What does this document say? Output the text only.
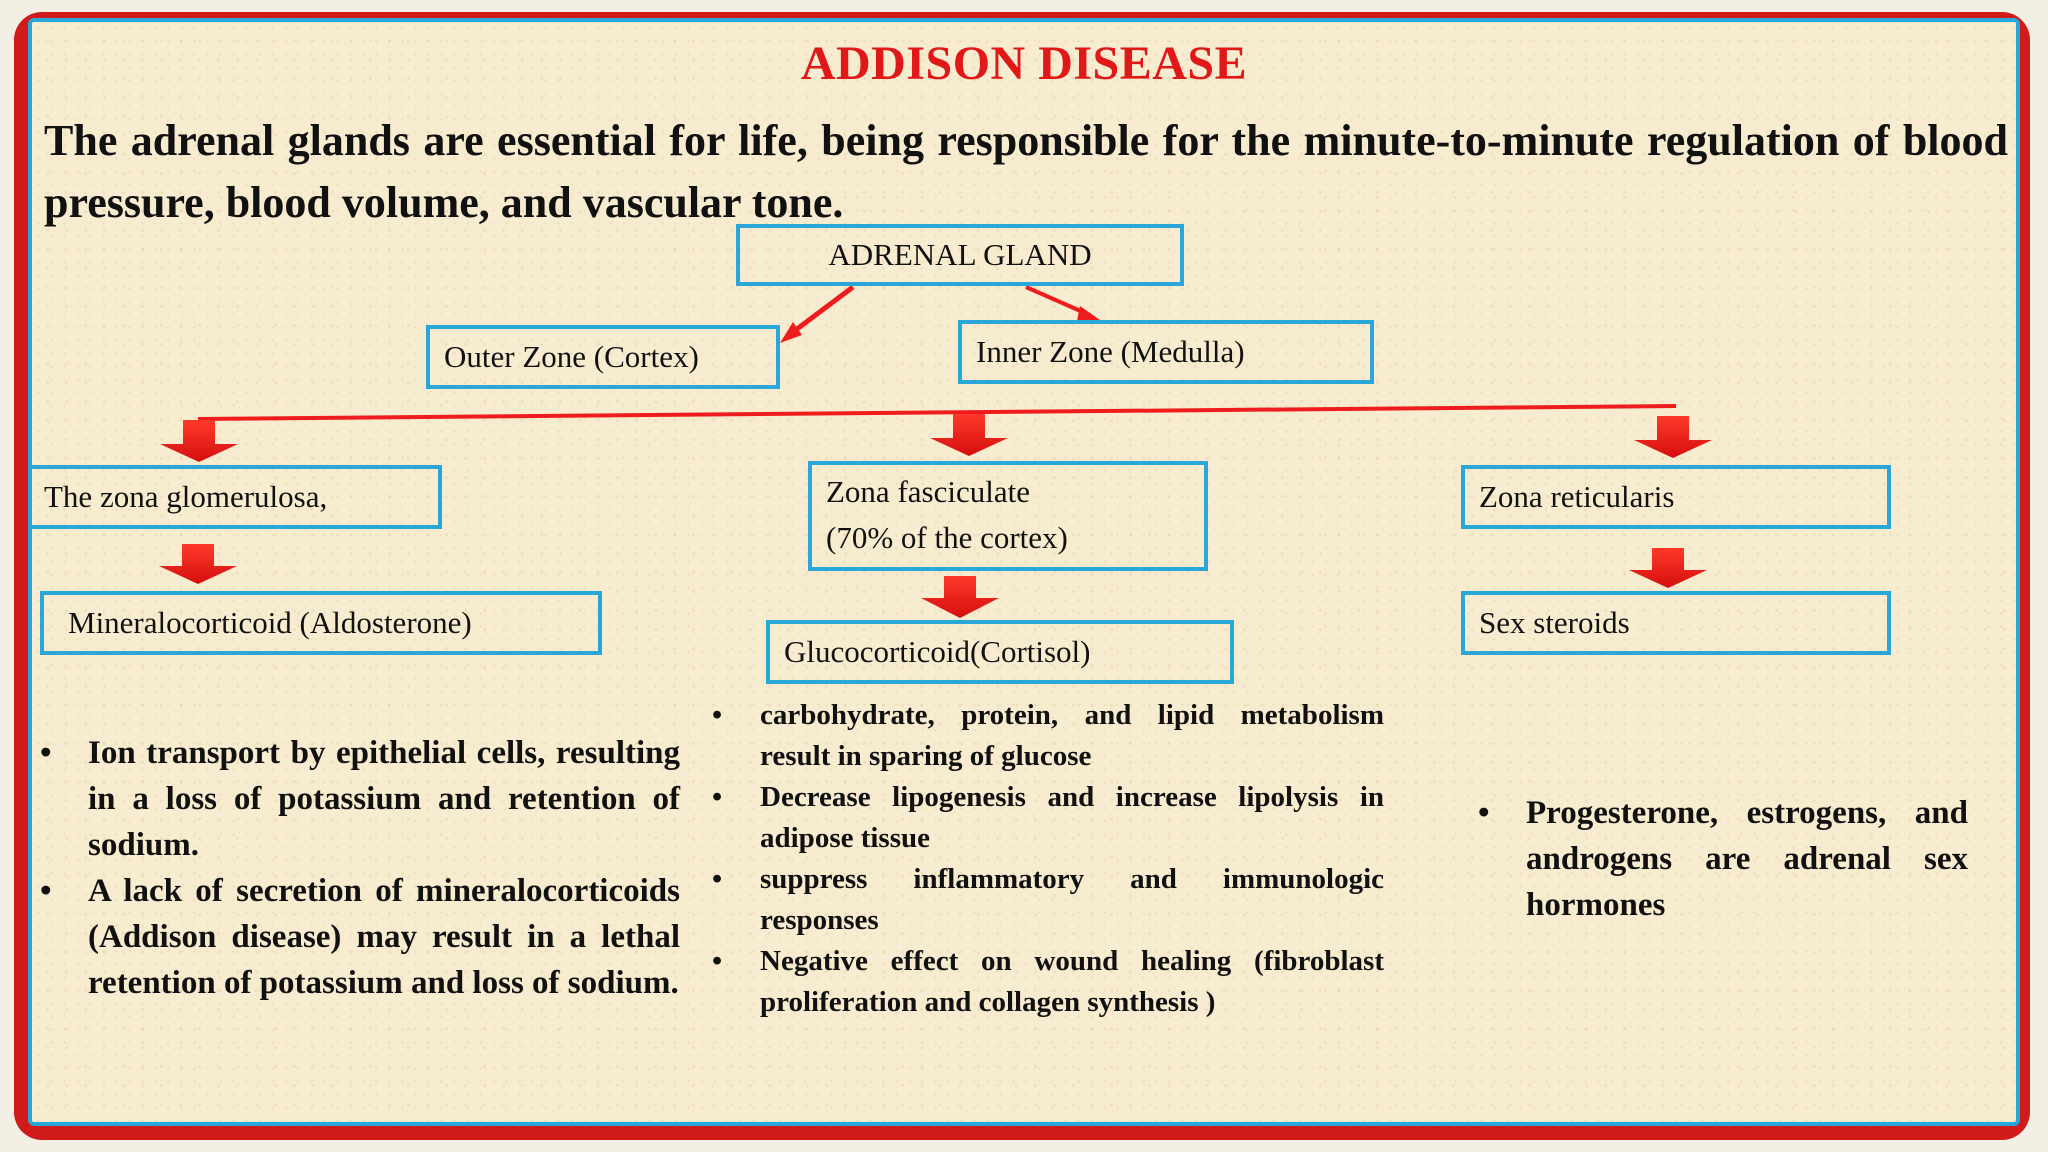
ADDISON DISEASE
The adrenal glands are essential for life, being responsible for the minute-to-minute regulation of blood pressure, blood volume, and vascular tone.
ADRENAL GLAND
Outer Zone (Cortex)	Inner Zone (Medulla)
The zona glomerulosa,	Zona fasciculate
(70% of the cortex)
Zona reticularis
Mineralocorticoid (Aldosterone)
Glucocorticoid(Cortisol)
Sex steroids
• Ion transport by epithelial cells, resulting in a loss of potassium and retention of sodium.
• A lack of secretion of mineralocorticoids (Addison disease) may result in a lethal retention of potassium and loss of sodium.
• carbohydrate, protein, and lipid metabolism result in sparing of glucose
• Decrease lipogenesis and increase lipolysis in adipose tissue
• suppress inflammatory and immunologic responses
• Negative effect on wound healing (fibroblast proliferation and collagen synthesis )
• Progesterone, estrogens, and androgens are adrenal sex hormones
